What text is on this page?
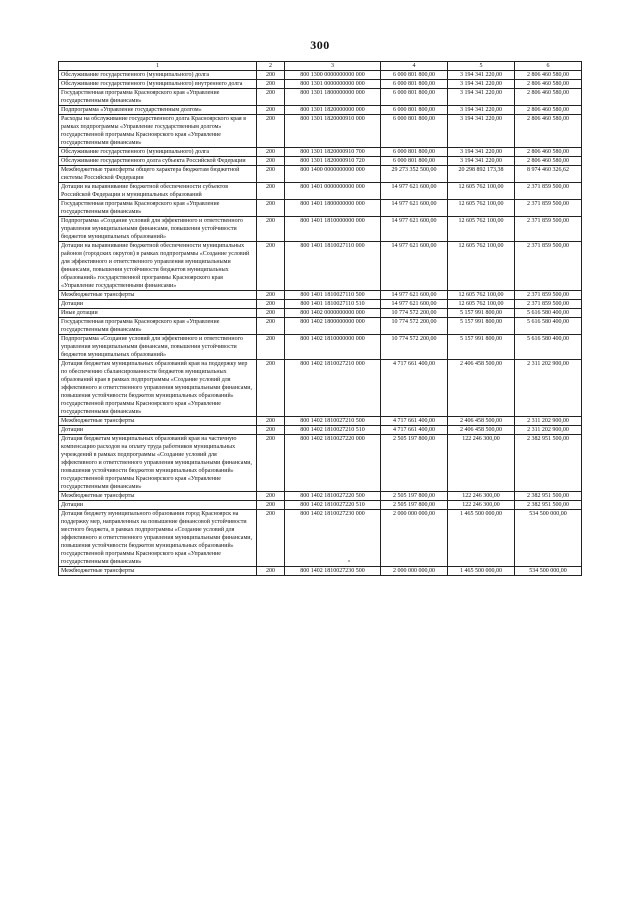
300
1	2	3	4	5	6
Обслуживание государственного (муниципального) долга	200	800 1300 0000000000 000	6 000 801 800,00	3 194 341 220,00	2 806 460 580,00
Обслуживание государственного (муниципального) внутреннего долга	200	800 1301 0000000000 000	6 000 801 800,00	3 194 341 220,00	2 806 460 580,00
Государственная программа Красноярского края «Управление государственными финансами»	200	800 1301 1800000000 000	6 000 801 800,00	3 194 341 220,00	2 806 460 580,00
Подпрограмма «Управление государственным долгом»	200	800 1301 1820000000 000	6 000 801 800,00	3 194 341 220,00	2 806 460 580,00
Расходы на обслуживание государственного долга Красноярского края в рамках подпрограммы «Управление государственным долгом» государственной программы Красноярского края «Управление государственными финансами»	200	800 1301 1820000910 000	6 000 801 800,00	3 194 341 220,00	2 806 460 580,00
Обслуживание государственного (муниципального) долга	200	800 1301 1820000910 700	6 000 801 800,00	3 194 341 220,00	2 806 460 580,00
Обслуживание государственного долга субъекта Российской Федерации	200	800 1301 1820000910 720	6 000 801 800,00	3 194 341 220,00	2 806 460 580,00
Межбюджетные трансферты общего характера бюджетам бюджетной системы Российской Федерации	200	800 1400 0000000000 000	29 273 352 500,00	20 298 892 173,38	8 974 460 326,62
Дотации на выравнивание бюджетной обеспеченности субъектов Российской Федерации и муниципальных образований	200	800 1401 0000000000 000	14 977 621 600,00	12 605 762 100,00	2 371 859 500,00
Государственная программа Красноярского края «Управление государственными финансами»	200	800 1401 1800000000 000	14 977 621 600,00	12 605 762 100,00	2 371 859 500,00
Подпрограмма «Создание условий для эффективного и ответственного управления муниципальными финансами, повышения устойчивости бюджетов муниципальных образований»	200	800 1401 1810000000 000	14 977 621 600,00	12 605 762 100,00	2 371 859 500,00
Дотации на выравнивание бюджетной обеспеченности муниципальных районов (городских округов) в рамках подпрограммы «Создание условий для эффективного и ответственного управления муниципальными финансами, повышения устойчивости бюджетов муниципальных образований» государственной программы Красноярского края «Управление государственными финансами»	200	800 1401 1810027110 000	14 977 621 600,00	12 605 762 100,00	2 371 859 500,00
Межбюджетные трансферты	200	800 1401 1810027110 500	14 977 621 600,00	12 605 762 100,00	2 371 859 500,00
Дотации	200	800 1401 1810027110 510	14 977 621 600,00	12 605 762 100,00	2 371 859 500,00
Иные дотации	200	800 1402 0000000000 000	10 774 572 200,00	5 157 991 800,00	5 616 580 400,00
Государственная программа Красноярского края «Управление государственными финансами»	200	800 1402 1800000000 000	10 774 572 200,00	5 157 991 800,00	5 616 580 400,00
Подпрограмма «Создание условий для эффективного и ответственного управления муниципальными финансами, повышения устойчивости бюджетов муниципальных образований»	200	800 1402 1810000000 000	10 774 572 200,00	5 157 991 800,00	5 616 580 400,00
Дотация бюджетам муниципальных образований края на поддержку мер по обеспечению сбалансированности бюджетов муниципальных образований края в рамках подпрограммы «Создание условий для эффективного и ответственного управления муниципальными финансами, повышения устойчивости бюджетов муниципальных образований» государственной программы Красноярского края «Управление государственными финансами»	200	800 1402 1810027210 000	4 717 661 400,00	2 406 458 500,00	2 311 202 900,00
Межбюджетные трансферты	200	800 1402 1810027210 500	4 717 661 400,00	2 406 458 500,00	2 311 202 900,00
Дотации	200	800 1402 1810027210 510	4 717 661 400,00	2 406 458 500,00	2 311 202 900,00
Дотация бюджетам муниципальных образований края на частичную компенсацию расходов на оплату труда работников муниципальных учреждений в рамках подпрограммы «Создание условий для эффективного и ответственного управления муниципальными финансами, повышения устойчивости бюджетов муниципальных образований» государственной программы Красноярского края «Управление государственными финансами»	200	800 1402 1810027220 000	2 505 197 800,00	122 246 300,00	2 382 951 500,00
Межбюджетные трансферты	200	800 1402 1810027220 500	2 505 197 800,00	122 246 300,00	2 382 951 500,00
Дотации	200	800 1402 1810027220 510	2 505 197 800,00	122 246 300,00	2 382 951 500,00
Дотация бюджету муниципального образования город Красноярск на поддержку мер, направленных на повышение финансовой устойчивости местного бюджета, в рамках подпрограммы «Создание условий для эффективного и ответственного управления муниципальными финансами, повышения устойчивости бюджетов муниципальных образований» государственной программы Красноярского края «Управление государственными финансами»	200	800 1402 1810027230 000	2 000 000 000,00	1 465 500 000,00	534 500 000,00
Межбюджетные трансферты	200	800 1402 1810027230 500	2 000 000 000,00	1 465 500 000,00	534 500 000,00
